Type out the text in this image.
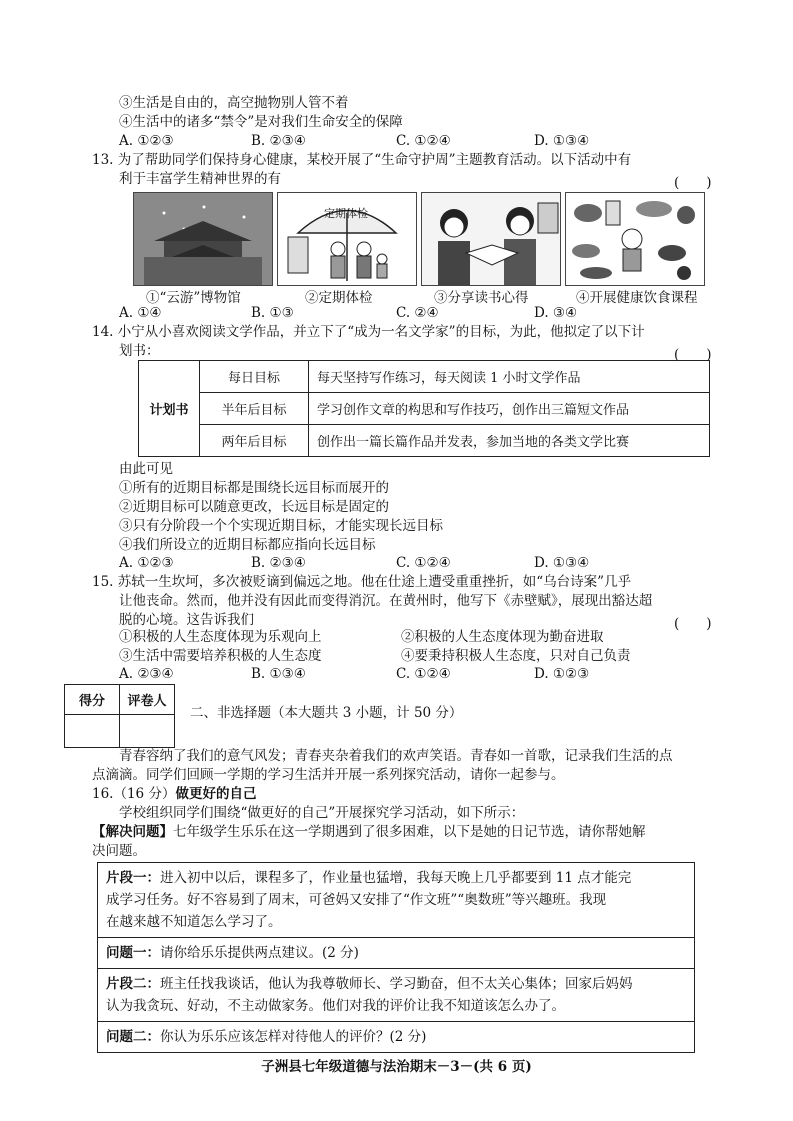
③生活是自由的，高空抛物别人管不着
④生活中的诸多“禁令”是对我们生命安全的保障
A. ①②③	B. ②③④	C. ①②④	D. ①③④
13. 为了帮助同学们保持身心健康，某校开展了“生命守护周”主题教育活动。以下活动中有
利于丰富学生精神世界的有	(　　)
定期体检
①“云游”博物馆	②定期体检	③分享读书心得	④开展健康饮食课程
A. ①④	B. ①③	C. ②④	D. ③④
14. 小宁从小喜欢阅读文学作品，并立下了“成为一名文学家”的目标，为此，他拟定了以下计
划书：	(　　)
计划书	每日目标	每天坚持写作练习，每天阅读 1 小时文学作品
	半年后目标	学习创作文章的构思和写作技巧，创作出三篇短文作品
	两年后目标	创作出一篇长篇作品并发表，参加当地的各类文学比赛
由此可见
①所有的近期目标都是围绕长远目标而展开的
②近期目标可以随意更改，长远目标是固定的
③只有分阶段一个个实现近期目标，才能实现长远目标
④我们所设立的近期目标都应指向长远目标
A. ①②③	B. ②③④	C. ①②④	D. ①③④
15. 苏轼一生坎坷，多次被贬谪到偏远之地。他在仕途上遭受重重挫折，如“乌台诗案”几乎
让他丧命。然而，他并没有因此而变得消沉。在黄州时，他写下《赤壁赋》，展现出豁达超
脱的心境。这告诉我们	(　　)
①积极的人生态度体现为乐观向上	②积极的人生态度体现为勤奋进取
③生活中需要培养积极的人生态度	④要秉持积极人生态度，只对自己负责
A. ②③④	B. ①③④	C. ①②④	D. ①②③
得分	评卷人

二、非选择题（本大题共 3 小题，计 50 分）
青春容纳了我们的意气风发；青春夹杂着我们的欢声笑语。青春如一首歌，记录我们生活的点
点滴滴。同学们回顾一学期的学习生活并开展一系列探究活动，请你一起参与。
16.（16 分）做更好的自己
学校组织同学们围绕“做更好的自己”开展探究学习活动，如下所示：
【解决问题】七年级学生乐乐在这一学期遇到了很多困难，以下是她的日记节选，请你帮她解
决问题。
片段一：进入初中以后，课程多了，作业量也猛增，我每天晚上几乎都要到 11 点才能完
成学习任务。好不容易到了周末，可爸妈又安排了“作文班”“奥数班”等兴趣班。我现
在越来越不知道怎么学习了。
问题一：请你给乐乐提供两点建议。(2 分)
片段二：班主任找我谈话，他认为我尊敬师长、学习勤奋，但不太关心集体；回家后妈妈
认为我贪玩、好动，不主动做家务。他们对我的评价让我不知道该怎么办了。
问题二：你认为乐乐应该怎样对待他人的评价？(2 分)
子洲县七年级道德与法治期末－3－(共 6 页)
